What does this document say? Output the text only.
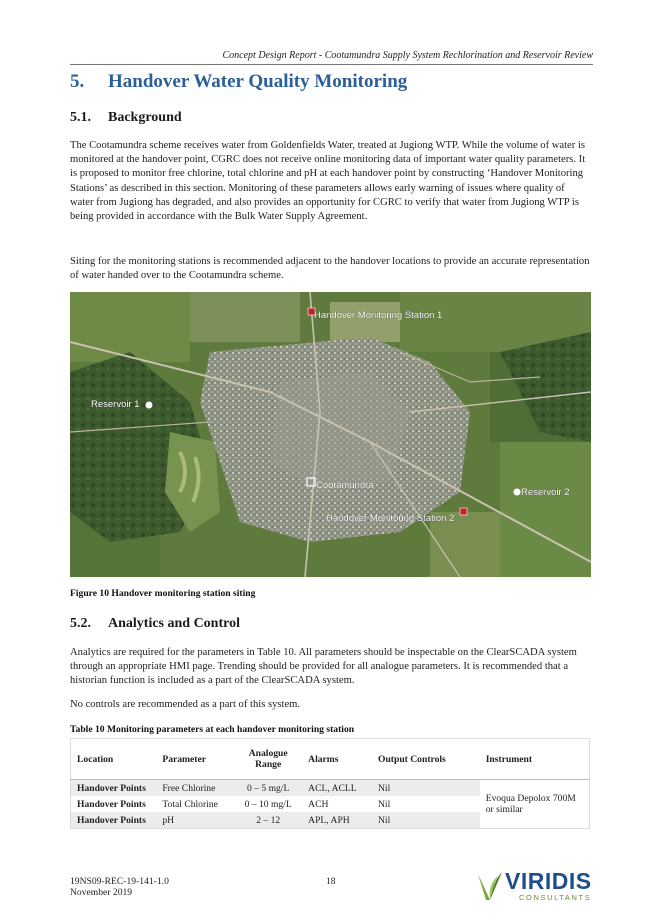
Concept Design Report - Cootamundra Supply System Rechlorination and Reservoir Review
5. Handover Water Quality Monitoring
5.1. Background

The Cootamundra scheme receives water from Goldenfields Water, treated at Jugiong WTP. While the volume of water is monitored at the handover point, CGRC does not receive online monitoring data of important water quality parameters. It is proposed to monitor free chlorine, total chlorine and pH at each handover point by constructing ‘Handover Monitoring Stations’ as described in this section. Monitoring of these parameters allows early warning of issues where quality of water from Jugiong has degraded, and also provides an opportunity for CGRC to verify that water from Jugiong WTP is being provided in accordance with the Bulk Water Supply Agreement.

Siting for the monitoring stations is recommended adjacent to the handover locations to provide an accurate representation of water handed over to the Cootamundra scheme.

Handover Monitoring Station 1
Reservoir 1
Cootamundra
Reservoir 2
Handover Monitoring Station 2
Figure 10 Handover monitoring station siting
5.2. Analytics and Control

Analytics are required for the parameters in Table 10. All parameters should be inspectable on the ClearSCADA system through an appropriate HMI page. Trending should be provided for all analogue parameters. It is recommended that a historian function is included as a part of the ClearSCADA system.

No controls are recommended as a part of this system.

Table 10 Monitoring parameters at each handover monitoring station
Location	Parameter	Analogue Range	Alarms	Output Controls	Instrument
Handover Points	Free Chlorine	0 – 5 mg/L	ACL, ACLL	Nil	Evoqua Depolox 700M or similar
Handover Points	Total Chlorine	0 – 10 mg/L	ACH	Nil	
Handover Points	pH	2 – 12	APL, APH	Nil	
19NS09-REC-19-141-1.0
November 2019
18	VIRIDIS
CONSULTANTS
